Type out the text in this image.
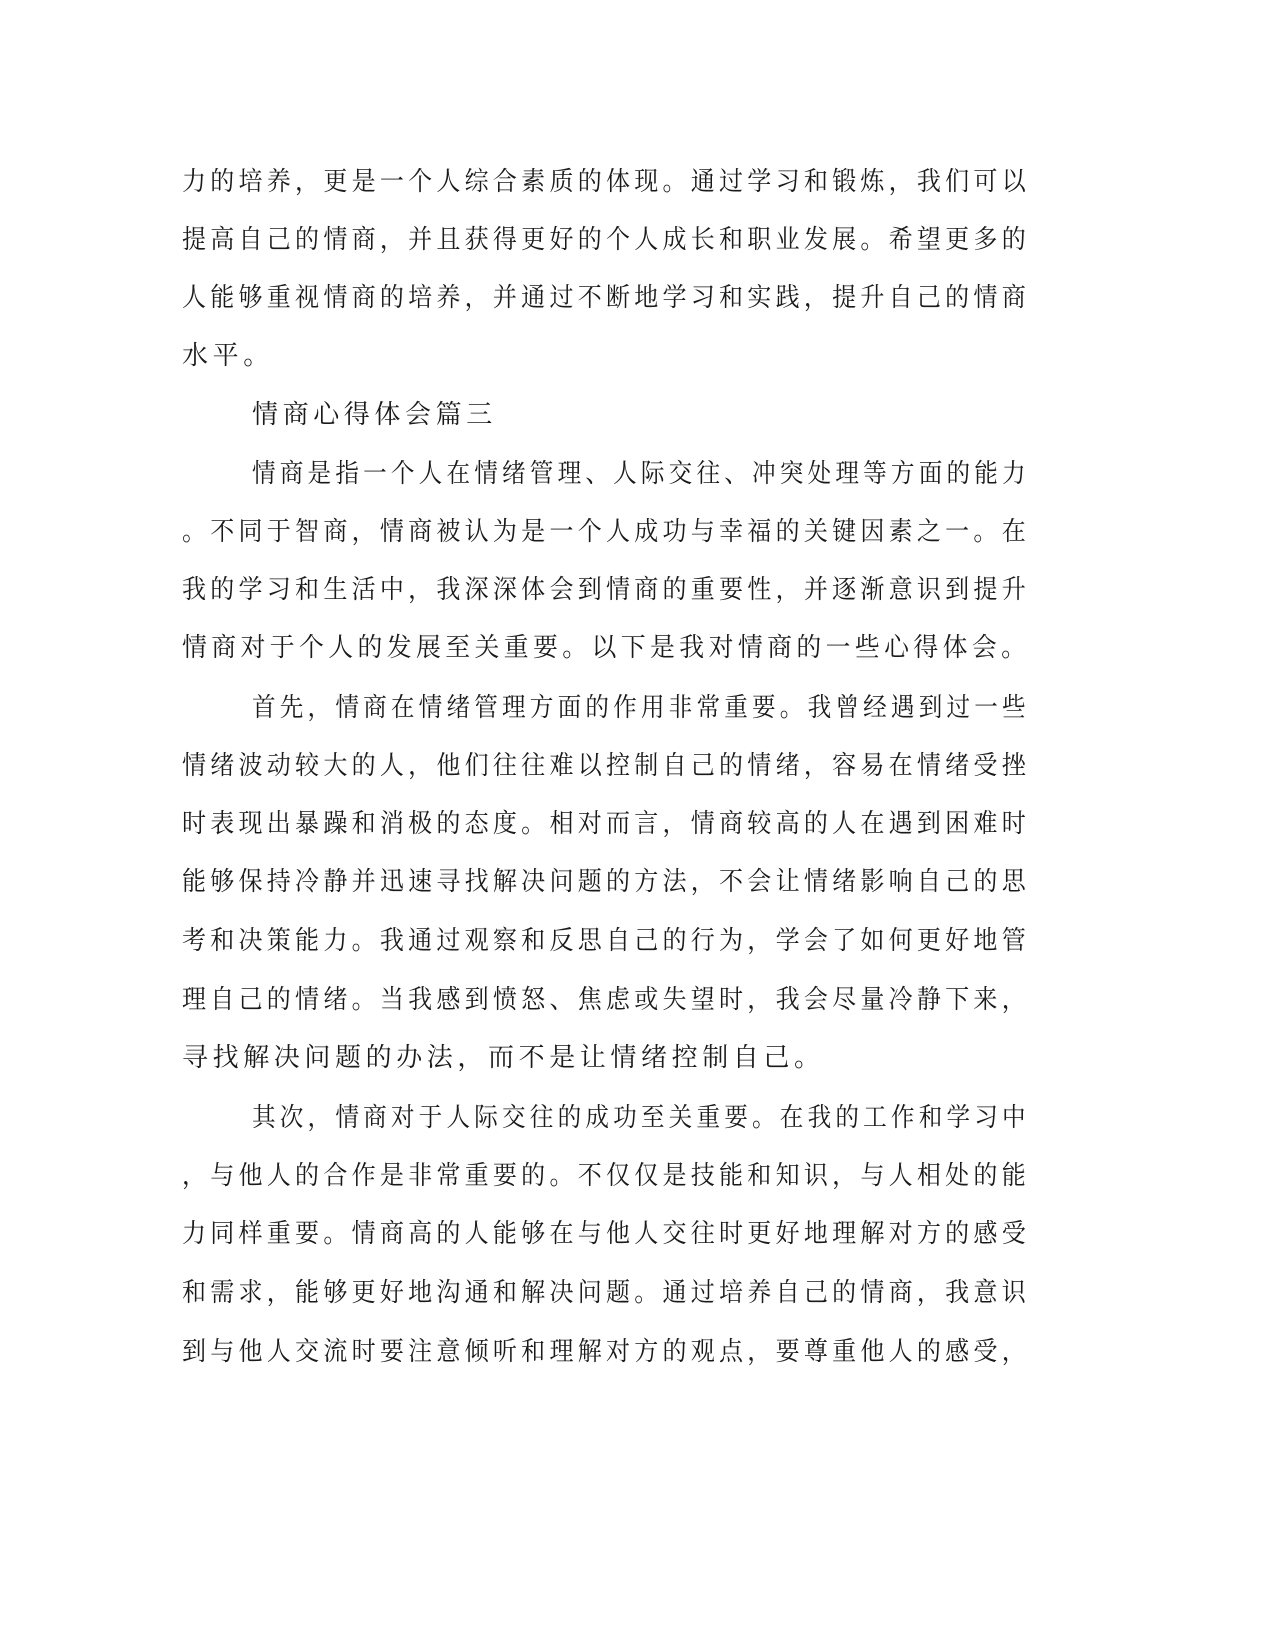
力的培养，更是一个人综合素质的体现。通过学习和锻炼，我们可以
提高自己的情商，并且获得更好的个人成长和职业发展。希望更多的
人能够重视情商的培养，并通过不断地学习和实践，提升自己的情商
水平。
情商心得体会篇三
情商是指一个人在情绪管理、人际交往、冲突处理等方面的能力
。不同于智商，情商被认为是一个人成功与幸福的关键因素之一。在
我的学习和生活中，我深深体会到情商的重要性，并逐渐意识到提升
情商对于个人的发展至关重要。以下是我对情商的一些心得体会。
首先，情商在情绪管理方面的作用非常重要。我曾经遇到过一些
情绪波动较大的人，他们往往难以控制自己的情绪，容易在情绪受挫
时表现出暴躁和消极的态度。相对而言，情商较高的人在遇到困难时
能够保持冷静并迅速寻找解决问题的方法，不会让情绪影响自己的思
考和决策能力。我通过观察和反思自己的行为，学会了如何更好地管
理自己的情绪。当我感到愤怒、焦虑或失望时，我会尽量冷静下来，
寻找解决问题的办法，而不是让情绪控制自己。
其次，情商对于人际交往的成功至关重要。在我的工作和学习中
，与他人的合作是非常重要的。不仅仅是技能和知识，与人相处的能
力同样重要。情商高的人能够在与他人交往时更好地理解对方的感受
和需求，能够更好地沟通和解决问题。通过培养自己的情商，我意识
到与他人交流时要注意倾听和理解对方的观点，要尊重他人的感受，
